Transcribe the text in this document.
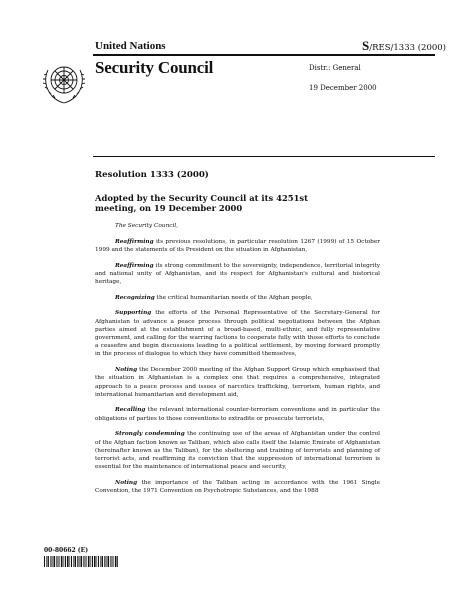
United Nations	S/RES/1333 (2000)
Security Council	Distr.: General
19 December 2000
Resolution 1333 (2000)
Adopted by the Security Council at its 4251st meeting, on 19 December 2000

The Security Council,

Reaffirming its previous resolutions, in particular resolution 1267 (1999) of 15 October 1999 and the statements of its President on the situation in Afghanistan,

Reaffirming its strong commitment to the sovereignty, independence, territorial integrity and national unity of Afghanistan, and its respect for Afghanistan's cultural and historical heritage,

Recognizing the critical humanitarian needs of the Afghan people,

Supporting the efforts of the Personal Representative of the Secretary-General for Afghanistan to advance a peace process through political negotiations between the Afghan parties aimed at the establishment of a broad-based, multi-ethnic, and fully representative government, and calling for the warring factions to cooperate fully with those efforts to conclude a ceasefire and begin discussions leading to a political settlement, by moving forward promptly in the process of dialogue to which they have committed themselves,

Noting the December 2000 meeting of the Afghan Support Group which emphasised that the situation in Afghanistan is a complex one that requires a comprehensive, integrated approach to a peace process and issues of narcotics trafficking, terrorism, human rights, and international humanitarian and development aid,

Recalling the relevant international counter-terrorism conventions and in particular the obligations of parties to those conventions to extradite or prosecute terrorists,

Strongly condemning the continuing use of the areas of Afghanistan under the control of the Afghan faction known as Taliban, which also calls itself the Islamic Emirate of Afghanistan (hereinafter known as the Taliban), for the sheltering and training of terrorists and planning of terrorist acts, and reaffirming its conviction that the suppression of international terrorism is essential for the maintenance of international peace and security,

Noting the importance of the Taliban acting in accordance with the 1961 Single Convention, the 1971 Convention on Psychotropic Substances, and the 1988

00-80662 (E)
